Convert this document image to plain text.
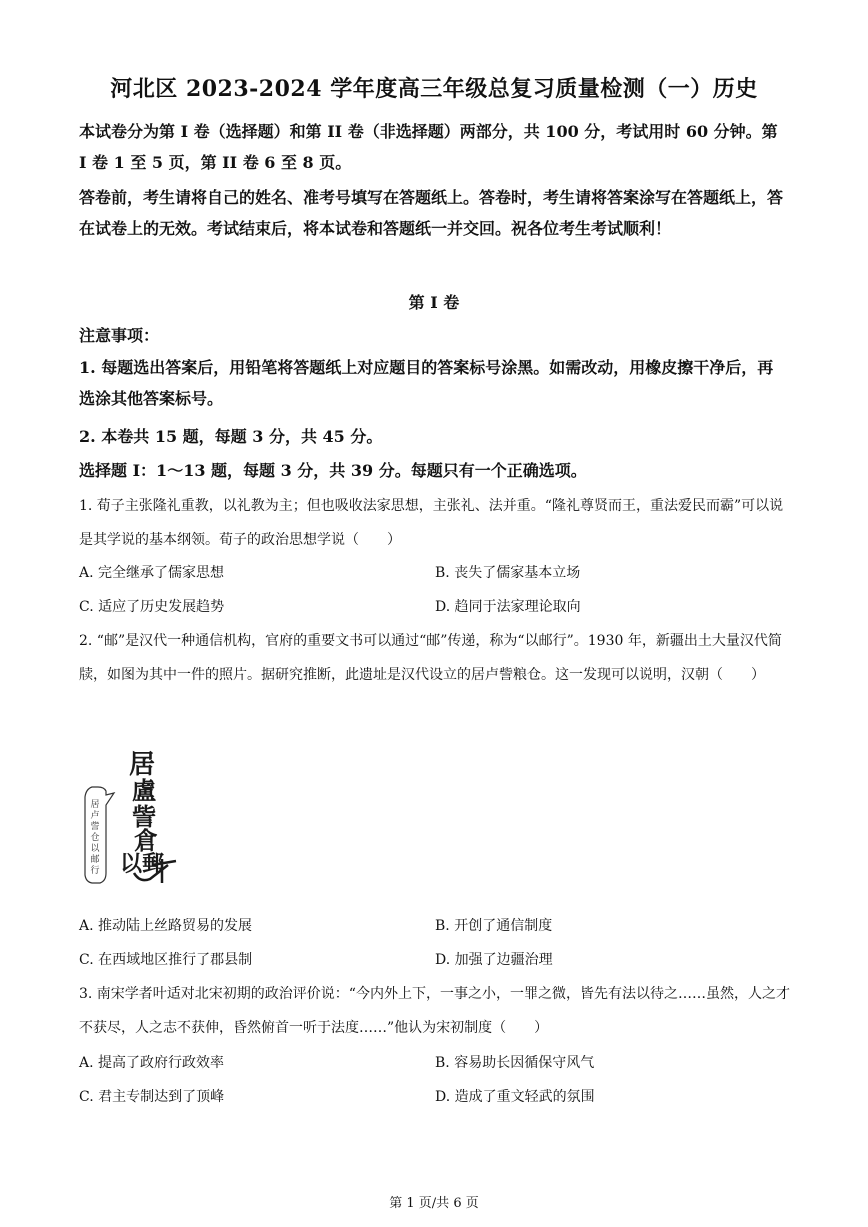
河北区 2023-2024 学年度高三年级总复习质量检测（一）历史
本试卷分为第 I 卷（选择题）和第 II 卷（非选择题）两部分，共 100 分，考试用时 60 分钟。第 I 卷 1 至 5 页，第 II 卷 6 至 8 页。
答卷前，考生请将自己的姓名、准考号填写在答题纸上。答卷时，考生请将答案涂写在答题纸上，答在试卷上的无效。考试结束后，将本试卷和答题纸一并交回。祝各位考生考试顺利！
第 I 卷
注意事项：
1. 每题选出答案后，用铅笔将答题纸上对应题目的答案标号涂黑。如需改动，用橡皮擦干净后，再选涂其他答案标号。
2. 本卷共 15 题，每题 3 分，共 45 分。
选择题 I：1～13 题，每题 3 分，共 39 分。每题只有一个正确选项。
1. 荀子主张隆礼重教，以礼教为主；但也吸收法家思想，主张礼、法并重。“隆礼尊贤而王，重法爱民而霸”可以说是其学说的基本纲领。荀子的政治思想学说（　　）
A. 完全继承了儒家思想	B. 丧失了儒家基本立场
C. 适应了历史发展趋势	D. 趋同于法家理论取向
2. “邮”是汉代一种通信机构，官府的重要文书可以通过“邮”传递，称为“以邮行”。1930 年，新疆出土大量汉代简牍，如图为其中一件的照片。据研究推断，此遗址是汉代设立的居卢訾粮仓。这一发现可以说明，汉朝（　　）
居
卢
訾
仓
以
邮
行
居
盧
訾
倉
以郵
A. 推动陆上丝路贸易的发展	B. 开创了通信制度
C. 在西域地区推行了郡县制	D. 加强了边疆治理
3. 南宋学者叶适对北宋初期的政治评价说：“今内外上下，一事之小，一罪之微，皆先有法以待之……虽然，人之才不获尽，人之志不获伸，昏然俯首一听于法度……”他认为宋初制度（　　）
A. 提高了政府行政效率	B. 容易助长因循保守风气
C. 君主专制达到了顶峰	D. 造成了重文轻武的氛围
第 1 页/共 6 页
